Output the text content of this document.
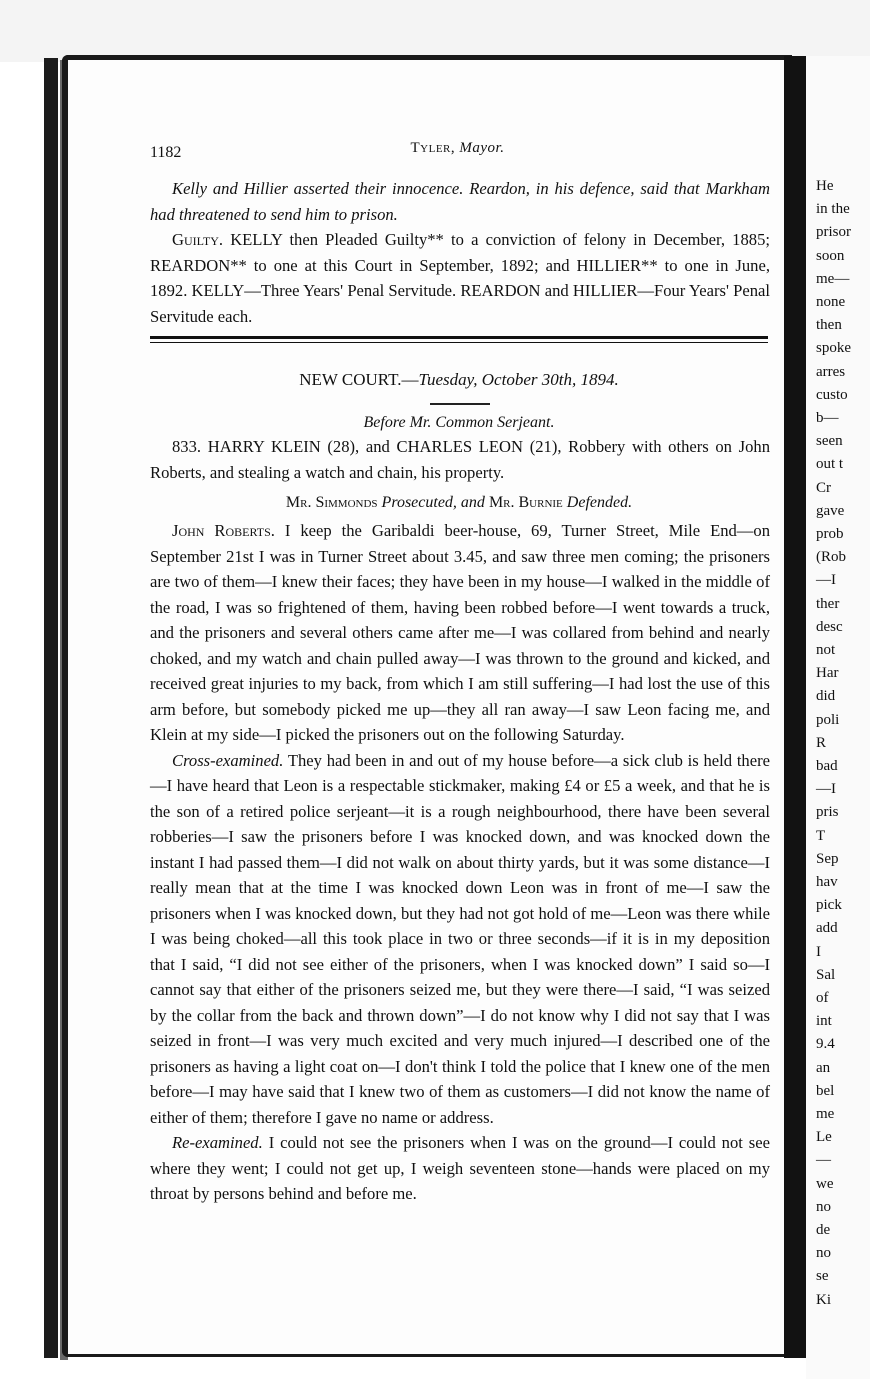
He
in the
prisor
soon
me—
none
then
spoke
arres
custo
b—
seen
out t
Cr
gave
prob
(Rob
—I
ther
desc
not
Har
did
poli
R
bad
—I
pris
T
Sep
hav
pick
add
I
Sal
of
int
9.4
an
bel
me
Le
—
we
no
de
no
se
Ki
1182	Tyler, Mayor.

Kelly and Hillier asserted their innocence. Reardon, in his defence, said that Markham had threatened to send him to prison.

Guilty. KELLY then Pleaded Guilty** to a conviction of felony in December, 1885; REARDON** to one at this Court in September, 1892; and HILLIER** to one in June, 1892. KELLY—Three Years' Penal Servitude. REARDON and HILLIER—Four Years' Penal Servitude each.

NEW COURT.—Tuesday, October 30th, 1894.
Before Mr. Common Serjeant.

833. HARRY KLEIN (28), and CHARLES LEON (21), Robbery with others on John Roberts, and stealing a watch and chain, his property.

Mr. Simmonds Prosecuted, and Mr. Burnie Defended.

John Roberts. I keep the Garibaldi beer-house, 69, Turner Street, Mile End—on September 21st I was in Turner Street about 3.45, and saw three men coming; the prisoners are two of them—I knew their faces; they have been in my house—I walked in the middle of the road, I was so frightened of them, having been robbed before—I went towards a truck, and the prisoners and several others came after me—I was collared from behind and nearly choked, and my watch and chain pulled away—I was thrown to the ground and kicked, and received great injuries to my back, from which I am still suffering—I had lost the use of this arm before, but somebody picked me up—they all ran away—I saw Leon facing me, and Klein at my side—I picked the prisoners out on the following Saturday.

Cross-examined. They had been in and out of my house before—a sick club is held there—I have heard that Leon is a respectable stickmaker, making £4 or £5 a week, and that he is the son of a retired police serjeant—it is a rough neighbourhood, there have been several robberies—I saw the prisoners before I was knocked down, and was knocked down the instant I had passed them—I did not walk on about thirty yards, but it was some distance—I really mean that at the time I was knocked down Leon was in front of me—I saw the prisoners when I was knocked down, but they had not got hold of me—Leon was there while I was being choked—all this took place in two or three seconds—if it is in my deposition that I said, “I did not see either of the prisoners, when I was knocked down” I said so—I cannot say that either of the prisoners seized me, but they were there—I said, “I was seized by the collar from the back and thrown down”—I do not know why I did not say that I was seized in front—I was very much excited and very much injured—I described one of the prisoners as having a light coat on—I don't think I told the police that I knew one of the men before—I may have said that I knew two of them as customers—I did not know the name of either of them; therefore I gave no name or address.

Re-examined. I could not see the prisoners when I was on the ground—I could not see where they went; I could not get up, I weigh seventeen stone—hands were placed on my throat by persons behind and before me.
